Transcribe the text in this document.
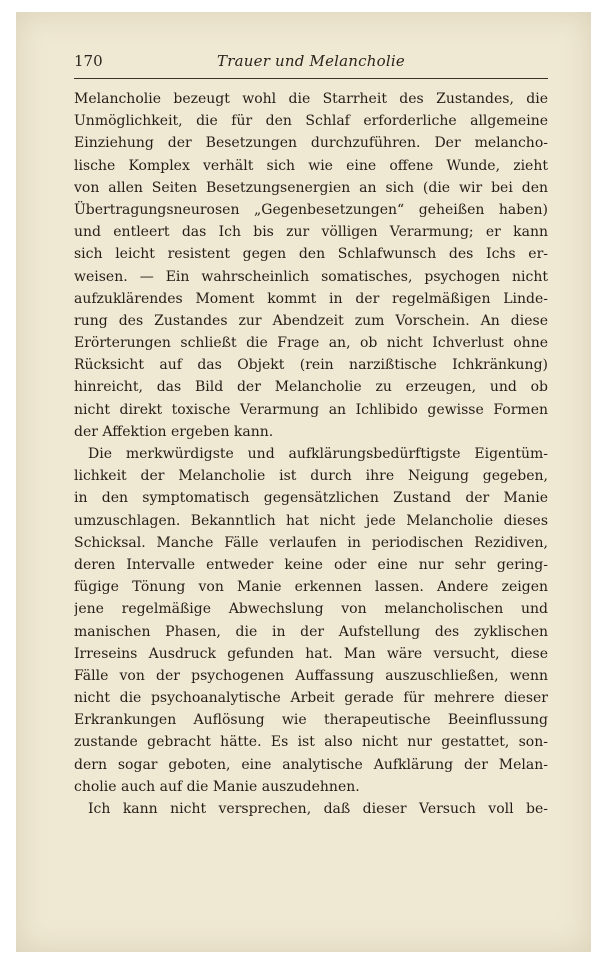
170	Trauer und Melancholie
Melancholie bezeugt wohl die Starrheit des Zustandes, die
Unmöglichkeit, die für den Schlaf erforderliche allgemeine
Einziehung der Besetzungen durchzuführen. Der melancho-
lische Komplex verhält sich wie eine offene Wunde, zieht
von allen Seiten Besetzungsenergien an sich (die wir bei den
Übertragungsneurosen „Gegenbesetzungen“ geheißen haben)
und entleert das Ich bis zur völligen Verarmung; er kann
sich leicht resistent gegen den Schlafwunsch des Ichs er-
weisen. — Ein wahrscheinlich somatisches, psychogen nicht
aufzuklärendes Moment kommt in der regelmäßigen Linde-
rung des Zustandes zur Abendzeit zum Vorschein. An diese
Erörterungen schließt die Frage an, ob nicht Ichverlust ohne
Rücksicht auf das Objekt (rein narzißtische Ichkränkung)
hinreicht, das Bild der Melancholie zu erzeugen, und ob
nicht direkt toxische Verarmung an Ichlibido gewisse Formen
der Affektion ergeben kann.
Die merkwürdigste und aufklärungsbedürftigste Eigentüm-
lichkeit der Melancholie ist durch ihre Neigung gegeben,
in den symptomatisch gegensätzlichen Zustand der Manie
umzuschlagen. Bekanntlich hat nicht jede Melancholie dieses
Schicksal. Manche Fälle verlaufen in periodischen Rezidiven,
deren Intervalle entweder keine oder eine nur sehr gering-
fügige Tönung von Manie erkennen lassen. Andere zeigen
jene regelmäßige Abwechslung von melancholischen und
manischen Phasen, die in der Aufstellung des zyklischen
Irreseins Ausdruck gefunden hat. Man wäre versucht, diese
Fälle von der psychogenen Auffassung auszuschließen, wenn
nicht die psychoanalytische Arbeit gerade für mehrere dieser
Erkrankungen Auflösung wie therapeutische Beeinflussung
zustande gebracht hätte. Es ist also nicht nur gestattet, son-
dern sogar geboten, eine analytische Aufklärung der Melan-
cholie auch auf die Manie auszudehnen.
Ich kann nicht versprechen, daß dieser Versuch voll be-
